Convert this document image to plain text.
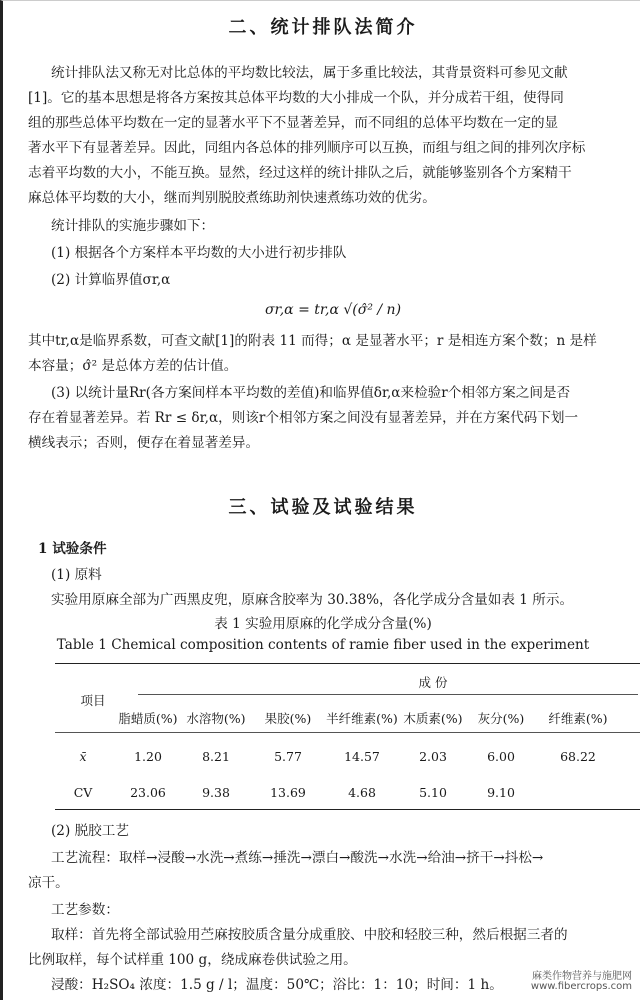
二、统计排队法简介
统计排队法又称无对比总体的平均数比较法，属于多重比较法，其背景资料可参见文献
[1]。它的基本思想是将各方案按其总体平均数的大小排成一个队，并分成若干组，使得同
组的那些总体平均数在一定的显著水平下不显著差异，而不同组的总体平均数在一定的显
著水平下有显著差异。因此，同组内各总体的排列顺序可以互换，而组与组之间的排列次序标
志着平均数的大小，不能互换。显然，经过这样的统计排队之后，就能够鉴别各个方案精干
麻总体平均数的大小，继而判别脱胶煮练助剂快速煮练功效的优劣。
统计排队的实施步骤如下：
(1) 根据各个方案样本平均数的大小进行初步排队
(2) 计算临界值σr,α
σr,α = tr,α √(σ̂² / n)
其中tr,α是临界系数，可查文献[1]的附表 11 而得；α 是显著水平；r 是相连方案个数；n 是样
本容量；σ̂² 是总体方差的估计值。
(3) 以统计量Rr(各方案间样本平均数的差值)和临界值δr,α来检验r个相邻方案之间是否
存在着显著差异。若 Rr ≤ δr,α，则该r个相邻方案之间没有显著差异，并在方案代码下划一
横线表示；否则，便存在着显著差异。
三、试验及试验结果
1 试验条件
(1) 原料
实验用原麻全部为广西黑皮兜，原麻含胶率为 30.38%，各化学成分含量如表 1 所示。
表 1 实验用原麻的化学成分含量(%)
Table 1 Chemical composition contents of ramie fiber used in the experiment
项目
成 份
脂蜡质(%) 水溶物(%)	果胶(%)	半纤维素(%) 木质素(%)	灰分(%)	纤维素(%)
x̄	1.20	8.21	5.77	14.57	2.03	6.00	68.22
CV	23.06	9.38	13.69	4.68	5.10	9.10
(2) 脱胶工艺
工艺流程：取样→浸酸→水洗→煮练→捶洗→漂白→酸洗→水洗→给油→挤干→抖松→
凉干。
工艺参数：
取样：首先将全部试验用苎麻按胶质含量分成重胶、中胶和轻胶三种，然后根据三者的
比例取样，每个试样重 100 g，绕成麻卷供试验之用。
浸酸：H₂SO₄ 浓度：1.5 g / l；温度：50℃；浴比：1：10；时间：1 h。
麻类作物营养与施肥网
www.fibercrops.com
